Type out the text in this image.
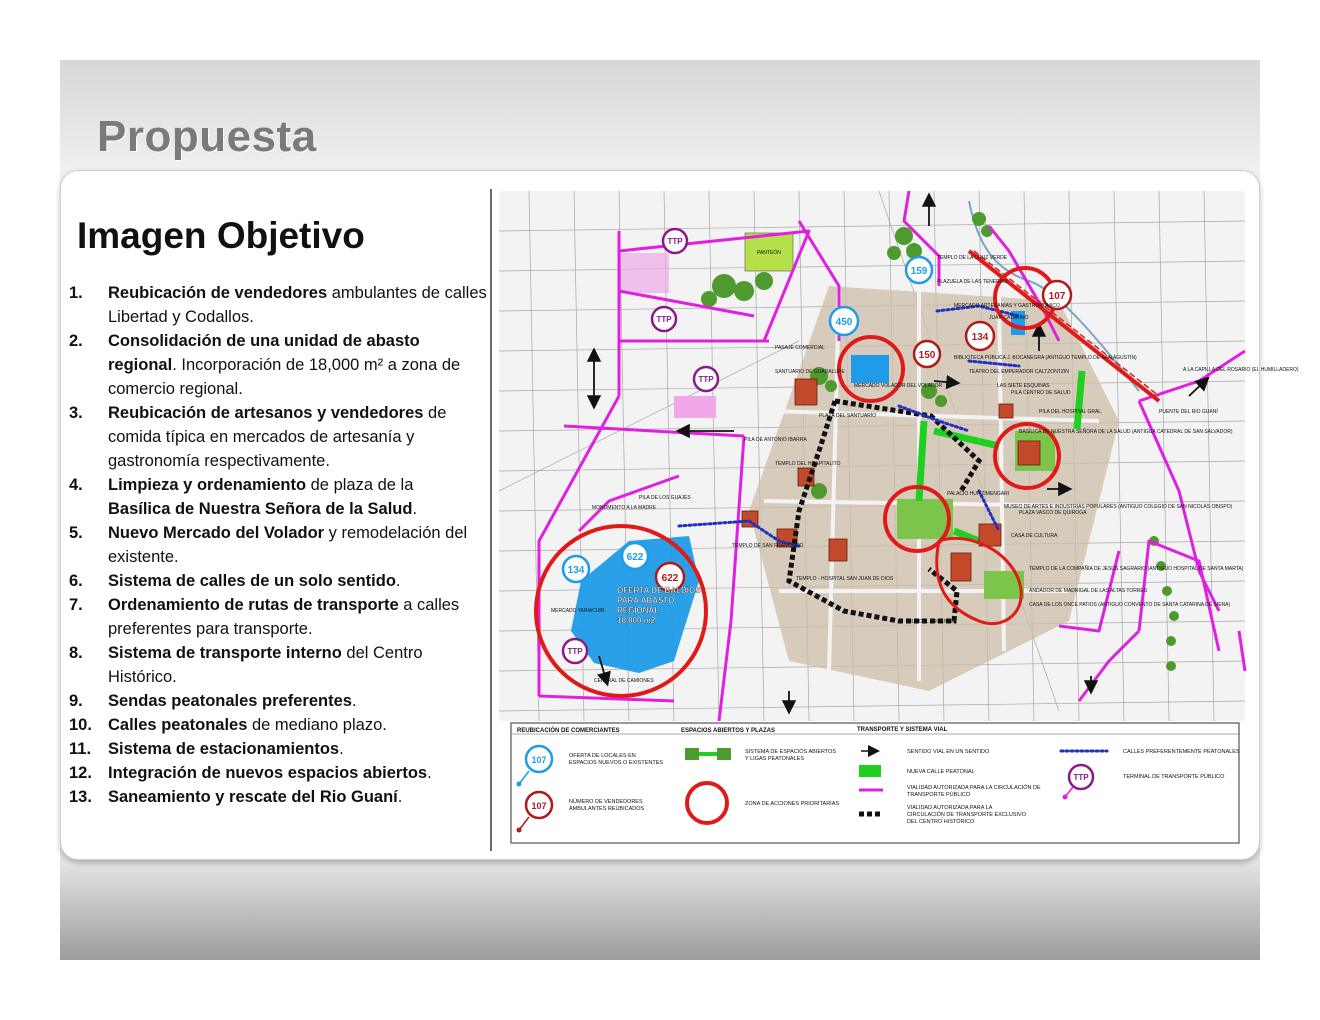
Propuesta
Imagen Objetivo
1.	Reubicación de vendedores ambulantes de calles Libertad y Codallos.
2.	Consolidación de una unidad de abasto regional. Incorporación de 18,000 m² a zona de comercio regional.
3.	Reubicación de artesanos y vendedores de comida típica en mercados de artesanía y gastronomía respectivamente.
4.	Limpieza y ordenamiento de plaza de la
Basílica de Nuestra Señora de la Salud.
5.	Nuevo Mercado del Volador y remodelación del existente.
6.	Sistema de calles de un solo sentido.
7.	Ordenamiento de rutas de transporte a calles preferentes para transporte.
8.	Sistema de transporte interno del Centro Histórico.
9.	Sendas peatonales preferentes.
10. Calles peatonales de mediano plazo.
11.	Sistema de estacionamientos.
12. Integración de nuevos espacios abiertos.
13. Saneamiento y rescate del Rio Guaní.
159
450
622
134
107
134
150
622
TTP
TTP
TTP
TTP
PANTEÓN
TEMPLO DE LA CRUZ VERDE
PLAZUELA DE LAS TENERÍAS
MERCADO ARTESANÍAS Y GASTRONÓMICO
JUAN CATARINO
A LA CAPILLA DEL ROSARIO (EL HUMILLADERO)
BIBLIOTECA PÚBLICA J. BOCANEGRA (ANTIGUO TEMPLO DE SAN AGUSTÍN)
TEATRO DEL EMPERADOR CALTZONTZIN
LAS SIETE ESQUINAS
PILA CENTRO DE SALUD
PILA DEL HOSPITAL GRAL.	PUENTE DEL RIO GUANÍ
BASÍLICA DE NUESTRA SEÑORA DE LA SALUD (ANTIGUA CATEDRAL DE SAN SALVADOR)
PASAJE COMERCIAL
SANTUARIO DE GUADALUPE
MERCADO VOLADOR DEL VOLADOR
PLAZA DEL SANTUARIO
PILA DE ANTONIO IBARRA
TEMPLO DEL HOSPITALITO
PILA DE LOS GUAJES
MONUMENTO A LA MADRE
PALACIO HUITZIMENGARI
PLAZA VASCO DE QUIROGA
CASA DE CULTURA
MUSEO DE ARTES E INDUSTRIAS POPULARES (ANTIGUO COLEGIO DE SAN NICOLÁS OBISPO)
MERCADO TARIACURI
TEMPLO DE SAN FRANCISCO
TEMPLO - HOSPITAL SAN JUAN DE DIOS
TEMPLO DE LA COMPAÑÍA DE JESÚS SAGRARIO (ANTIGUO HOSPITAL DE SANTA MARTA)
ANDADOR DE MADRIGAL DE LAS ALTAS TORRES
CASA DE LOS ONCE PATIOS (ANTIGUO CONVENTO DE SANTA CATARINA DE SIENA)
PILA DEL ARCÁNGEL
CENTRAL DE CAMIONES
OFERTA DE BALDÍOS
PARA ABASTO
REGIONAL
18,000 m2
REUBICACIÓN DE COMERCIANTES	ESPACIOS ABIERTOS Y PLAZAS	TRANSPORTE Y SISTEMA VIAL
107	OFERTA DE LOCALES EN
ESPACIOS NUEVOS O EXISTENTES
107	NÚMERO DE VENDEDORES
AMBULANTES REUBICADOS
SISTEMA DE ESPACIOS ABIERTOS
Y LIGAS PEATONALES
ZONA DE ACCIONES PRIORITARIAS
SENTIDO VIAL EN UN SENTIDO
NUEVA CALLE PEATONAL
VIALIDAD AUTORIZADA PARA LA CIRCULACIÓN DE
TRANSPORTE PÚBLICO
VIALIDAD AUTORIZADA PARA LA
CIRCULACIÓN DE TRANSPORTE EXCLUSIVO
DEL CENTRO HISTÓRICO
CALLES PREFERENTEMENTE PEATONALES
TTP	TERMINAL DE TRANSPORTE PÚBLICO
